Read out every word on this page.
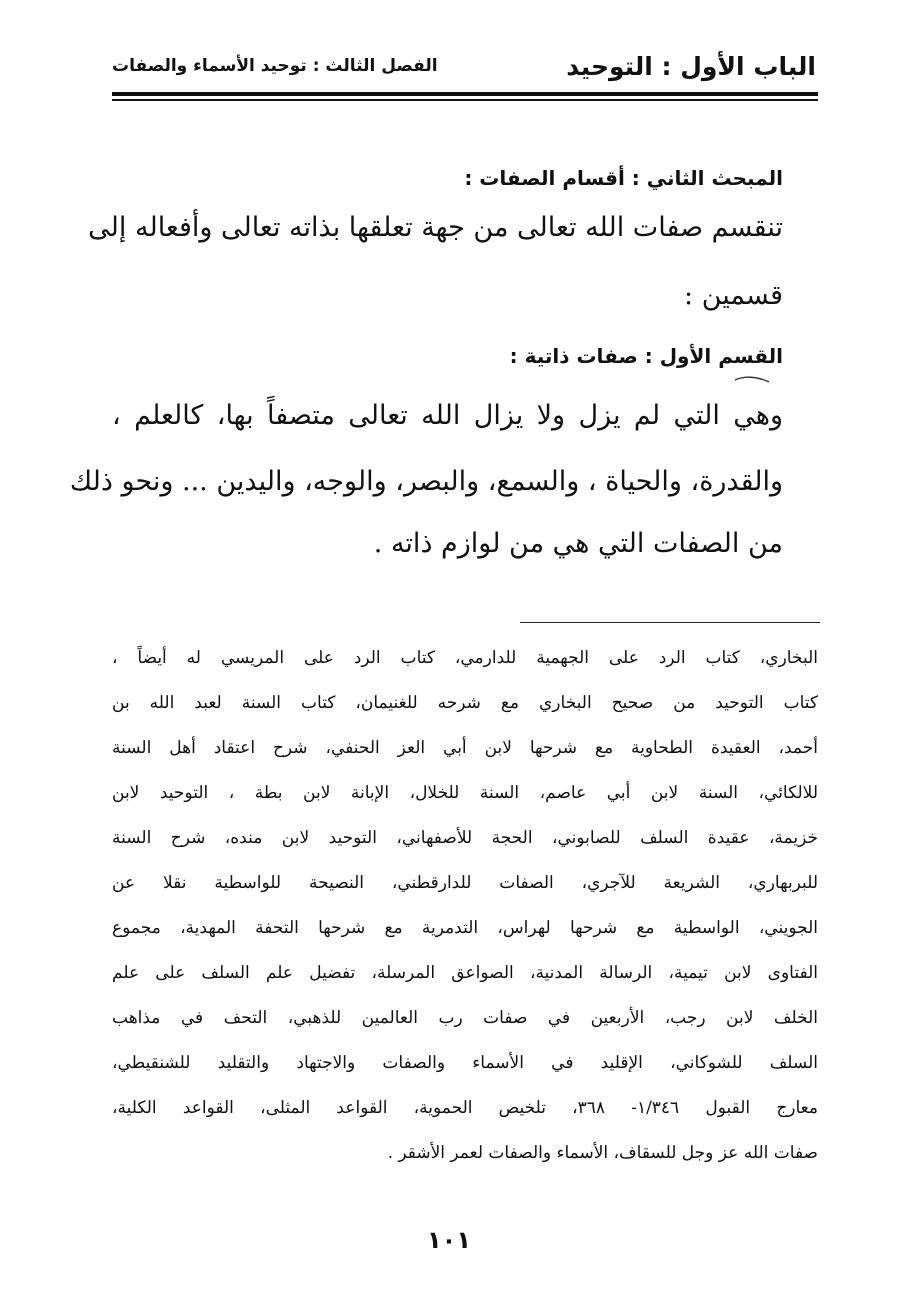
الباب الأول : التوحيد
الفصل الثالث : توحيد الأسماء والصفات
المبحث الثاني : أقسام الصفات :
تنقسم صفات الله تعالى من جهة تعلقها بذاته تعالى وأفعاله إلى
قسمين :
القسم الأول : صفات ذاتية :
وهي التي لم يزل ولا يزال الله تعالى متصفاً بها، كالعلم ،
والقدرة، والحياة ، والسمع، والبصر، والوجه، واليدين ... ونحو ذلك
من الصفات التي هي من لوازم ذاته .
البخاري، كتاب الرد على الجهمية للدارمي، كتاب الرد على المريسي له أيضاً ،
كتاب التوحيد من صحيح البخاري مع شرحه للغنيمان، كتاب السنة لعبد الله بن
أحمد، العقيدة الطحاوية مع شرحها لابن أبي العز الحنفي، شرح اعتقاد أهل السنة
للالكائي، السنة لابن أبي عاصم، السنة للخلال، الإبانة لابن بطة ، التوحيد لابن
خزيمة، عقيدة السلف للصابوني، الحجة للأصفهاني، التوحيد لابن منده، شرح السنة
للبربهاري، الشريعة للآجري، الصفات للدارقطني، النصيحة للواسطية نقلا عن
الجويني، الواسطية مع شرحها لهراس، التدمرية مع شرحها التحفة المهدية، مجموع
الفتاوى لابن تيمية، الرسالة المدنية، الصواعق المرسلة، تفضيل علم السلف على علم
الخلف لابن رجب، الأربعين في صفات رب العالمين للذهبي، التحف في مذاهب
السلف للشوكاني، الإقليد في الأسماء والصفات والاجتهاد والتقليد للشنقيطي،
معارج القبول ١/٣٤٦- ٣٦٨، تلخيص الحموية، القواعد المثلى، القواعد الكلية،
صفات الله عز وجل للسقاف، الأسماء والصفات لعمر الأشقر .
١٠١
